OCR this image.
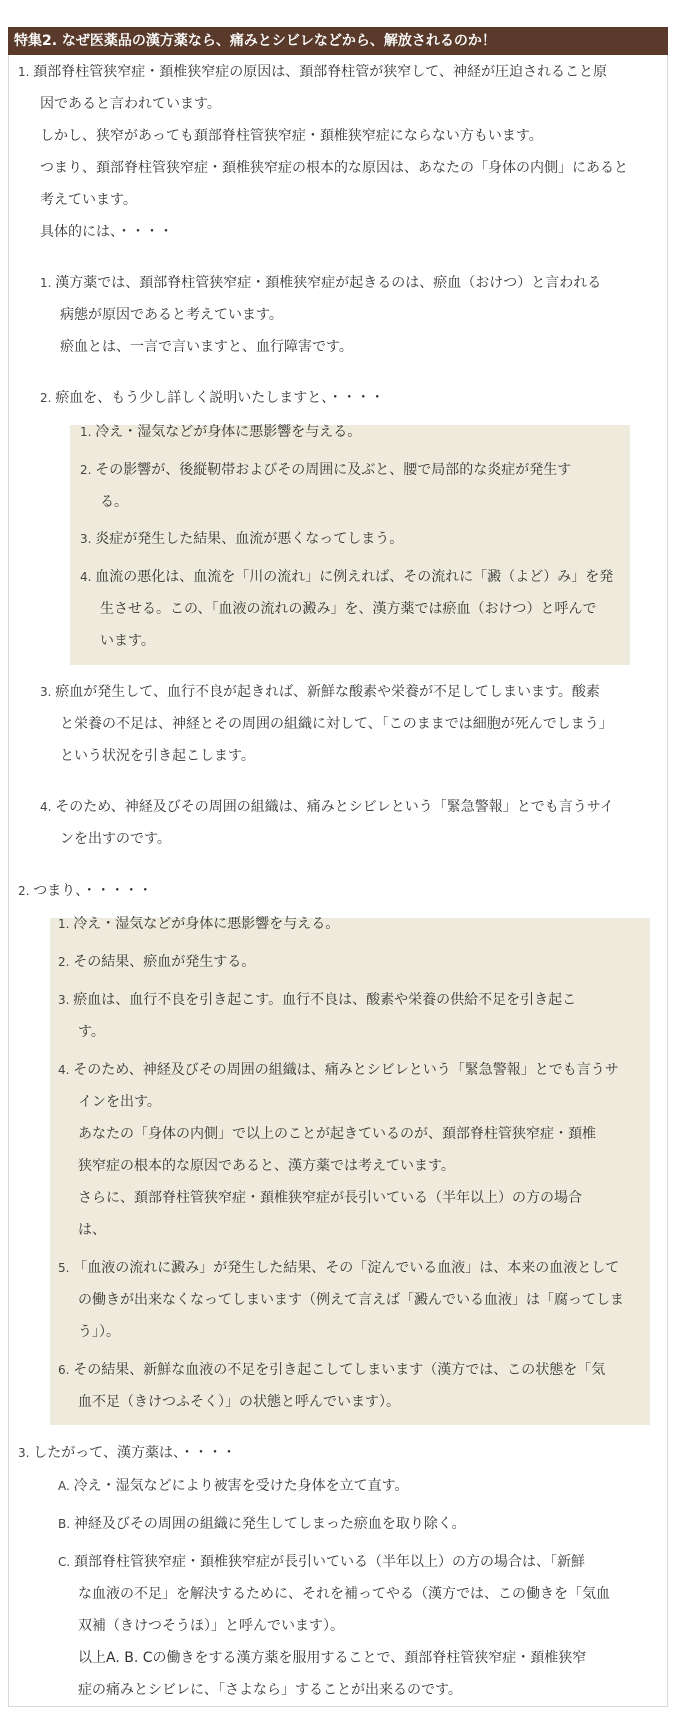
特集2. なぜ医薬品の漢方薬なら、痛みとシビレなどから、解放されるのか！
1. 頚部脊柱管狭窄症・頚椎狭窄症の原因は、頚部脊柱管が狭窄して、神経が圧迫されること原
因であると言われています。
しかし、狭窄があっても頚部脊柱管狭窄症・頚椎狭窄症にならない方もいます。
つまり、頚部脊柱管狭窄症・頚椎狭窄症の根本的な原因は、あなたの「身体の内側」にあると
考えています。
具体的には、・・・・
1. 漢方薬では、頚部脊柱管狭窄症・頚椎狭窄症が起きるのは、瘀血（おけつ）と言われる
病態が原因であると考えています。
瘀血とは、一言で言いますと、血行障害です。
2. 瘀血を、もう少し詳しく説明いたしますと、・・・・
1. 冷え・湿気などが身体に悪影響を与える。
2. その影響が、後縦靭帯およびその周囲に及ぶと、腰で局部的な炎症が発生す
る。
3. 炎症が発生した結果、血流が悪くなってしまう。
4. 血流の悪化は、血流を「川の流れ」に例えれば、その流れに「澱（よど）み」を発
生させる。この、「血液の流れの澱み」を、漢方薬では瘀血（おけつ）と呼んで
います。
3. 瘀血が発生して、血行不良が起きれば、新鮮な酸素や栄養が不足してしまいます。酸素
と栄養の不足は、神経とその周囲の組織に対して、「このままでは細胞が死んでしまう」
という状況を引き起こします。
4. そのため、神経及びその周囲の組織は、痛みとシビレという「緊急警報」とでも言うサイ
ンを出すのです。
2. つまり、・・・・・
1. 冷え・湿気などが身体に悪影響を与える。
2. その結果、瘀血が発生する。
3. 瘀血は、血行不良を引き起こす。血行不良は、酸素や栄養の供給不足を引き起こ
す。
4. そのため、神経及びその周囲の組織は、痛みとシビレという「緊急警報」とでも言うサ
インを出す。
あなたの「身体の内側」で以上のことが起きているのが、頚部脊柱管狭窄症・頚椎
狭窄症の根本的な原因であると、漢方薬では考えています。
さらに、頚部脊柱管狭窄症・頚椎狭窄症が長引いている（半年以上）の方の場合
は、
5. 「血液の流れに澱み」が発生した結果、その「淀んでいる血液」は、本来の血液として
の働きが出来なくなってしまいます（例えて言えば「澱んでいる血液」は「腐ってしま
う」）。
6. その結果、新鮮な血液の不足を引き起こしてしまいます（漢方では、この状態を「気
血不足（きけつふそく）」の状態と呼んでいます）。
3. したがって、漢方薬は、・・・・
A. 冷え・湿気などにより被害を受けた身体を立て直す。
B. 神経及びその周囲の組織に発生してしまった瘀血を取り除く。
C. 頚部脊柱管狭窄症・頚椎狭窄症が長引いている（半年以上）の方の場合は、「新鮮
な血液の不足」を解決するために、それを補ってやる（漢方では、この働きを「気血
双補（きけつそうほ）」と呼んでいます）。
以上A. B. Cの働きをする漢方薬を服用することで、頚部脊柱管狭窄症・頚椎狭窄
症の痛みとシビレに、「さよなら」することが出来るのです。
